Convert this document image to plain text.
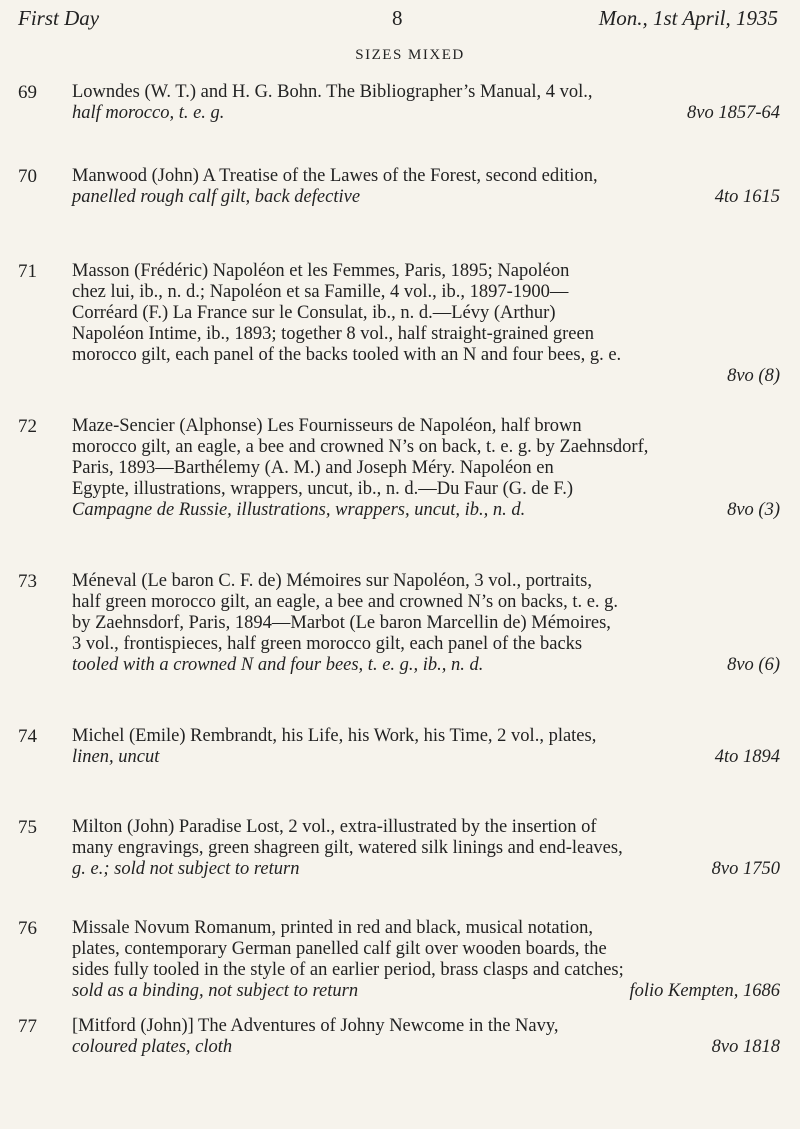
First Day	8	Mon., 1st April, 1935
SIZES MIXED
69	Lowndes (W. T.) and H. G. Bohn. The Bibliographer’s Manual, 4 vol.,
half morocco, t. e. g.	8vo 1857-64
70	Manwood (John) A Treatise of the Lawes of the Forest, second edition,
panelled rough calf gilt, back defective	4to 1615
71	Masson (Frédéric) Napoléon et les Femmes, Paris, 1895; Napoléon
chez lui, ib., n. d.; Napoléon et sa Famille, 4 vol., ib., 1897-1900—
Corréard (F.) La France sur le Consulat, ib., n. d.—Lévy (Arthur)
Napoléon Intime, ib., 1893; together 8 vol., half straight-grained green
morocco gilt, each panel of the backs tooled with an N and four bees, g. e.
8vo (8)
72	Maze-Sencier (Alphonse) Les Fournisseurs de Napoléon, half brown
morocco gilt, an eagle, a bee and crowned N’s on back, t. e. g. by Zaehnsdorf,
Paris, 1893—Barthélemy (A. M.) and Joseph Méry. Napoléon en
Egypte, illustrations, wrappers, uncut, ib., n. d.—Du Faur (G. de F.)
Campagne de Russie, illustrations, wrappers, uncut, ib., n. d.	8vo (3)
73	Méneval (Le baron C. F. de) Mémoires sur Napoléon, 3 vol., portraits,
half green morocco gilt, an eagle, a bee and crowned N’s on backs, t. e. g.
by Zaehnsdorf, Paris, 1894—Marbot (Le baron Marcellin de) Mémoires,
3 vol., frontispieces, half green morocco gilt, each panel of the backs
tooled with a crowned N and four bees, t. e. g., ib., n. d.	8vo (6)
74	Michel (Emile) Rembrandt, his Life, his Work, his Time, 2 vol., plates,
linen, uncut	4to 1894
75	Milton (John) Paradise Lost, 2 vol., extra-illustrated by the insertion of
many engravings, green shagreen gilt, watered silk linings and end-leaves,
g. e.; sold not subject to return	8vo 1750
76	Missale Novum Romanum, printed in red and black, musical notation,
plates, contemporary German panelled calf gilt over wooden boards, the
sides fully tooled in the style of an earlier period, brass clasps and catches;
sold as a binding, not subject to return	folio Kempten, 1686
77	[Mitford (John)] The Adventures of Johny Newcome in the Navy,
coloured plates, cloth	8vo 1818
